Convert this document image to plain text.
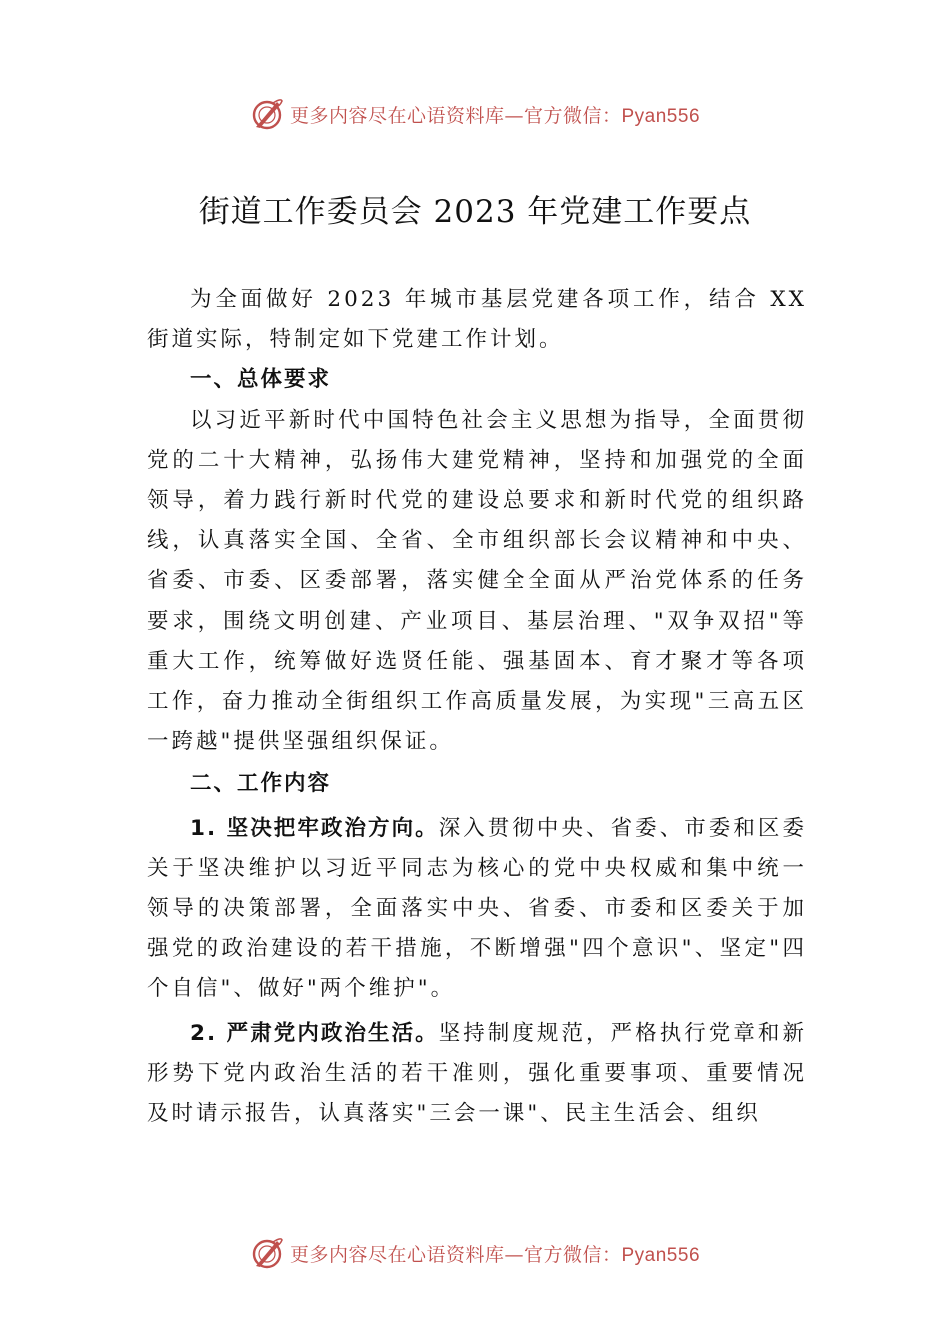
更多内容尽在心语资料库—官方微信：Pyan556
街道工作委员会 2023 年党建工作要点

为全面做好 2023 年城市基层党建各项工作，结合 XX 街道实际，特制定如下党建工作计划。

一、总体要求

以习近平新时代中国特色社会主义思想为指导，全面贯彻党的二十大精神，弘扬伟大建党精神，坚持和加强党的全面领导，着力践行新时代党的建设总要求和新时代党的组织路线，认真落实全国、全省、全市组织部长会议精神和中央、省委、市委、区委部署，落实健全全面从严治党体系的任务要求，围绕文明创建、产业项目、基层治理、"双争双招"等重大工作，统筹做好选贤任能、强基固本、育才聚才等各项工作，奋力推动全街组织工作高质量发展，为实现"三高五区一跨越"提供坚强组织保证。

二、工作内容

1. 坚决把牢政治方向。深入贯彻中央、省委、市委和区委关于坚决维护以习近平同志为核心的党中央权威和集中统一领导的决策部署，全面落实中央、省委、市委和区委关于加强党的政治建设的若干措施，不断增强"四个意识"、坚定"四个自信"、做好"两个维护"。

2. 严肃党内政治生活。坚持制度规范，严格执行党章和新形势下党内政治生活的若干准则，强化重要事项、重要情况及时请示报告，认真落实"三会一课"、民主生活会、组织

更多内容尽在心语资料库—官方微信：Pyan556
